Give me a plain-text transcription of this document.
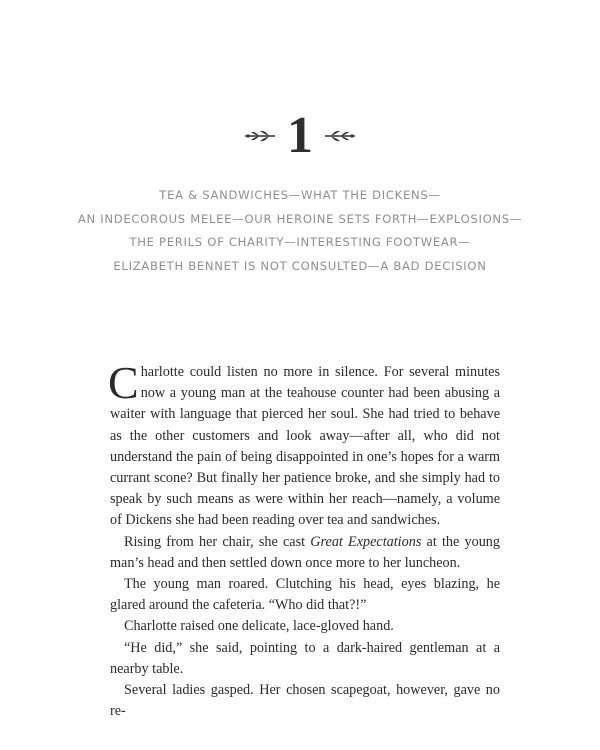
1
TEA & SANDWICHES—WHAT THE DICKENS—
AN INDECOROUS MELEE—OUR HEROINE SETS FORTH—EXPLOSIONS—
THE PERILS OF CHARITY—INTERESTING FOOTWEAR—
ELIZABETH BENNET IS NOT CONSULTED—A BAD DECISION

Charlotte could listen no more in silence. For several minutes now a young man at the teahouse counter had been abusing a waiter with language that pierced her soul. She had tried to behave as the other customers and look away—after all, who did not understand the pain of being disappointed in one’s hopes for a warm currant scone? But finally her patience broke, and she simply had to speak by such means as were within her reach—namely, a volume of Dickens she had been reading over tea and sandwiches.

Rising from her chair, she cast Great Expectations at the young man’s head and then settled down once more to her luncheon.

The young man roared. Clutching his head, eyes blazing, he glared around the cafeteria. “Who did that?!”

Charlotte raised one delicate, lace-gloved hand.

“He did,” she said, pointing to a dark-haired gentleman at a nearby table.

Several ladies gasped. Her chosen scapegoat, however, gave no re-
